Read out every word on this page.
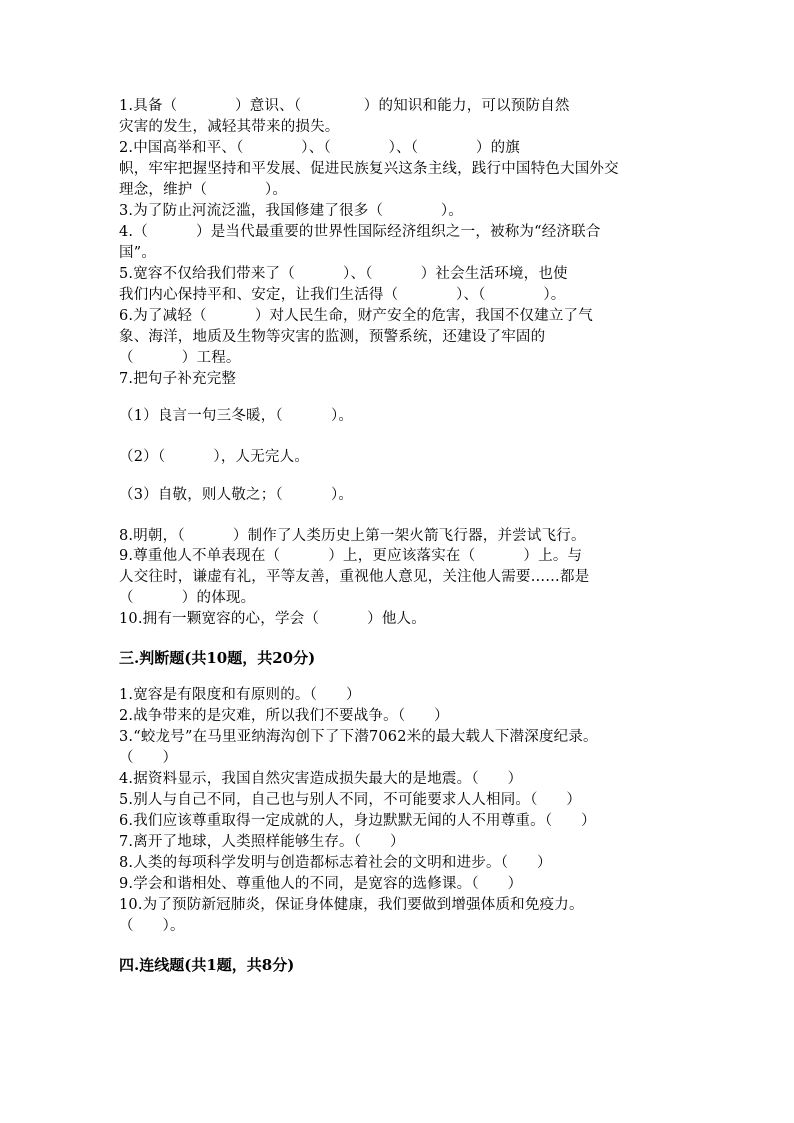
1.具备（            ）意识、（             ）的知识和能力，可以预防自然
灾害的发生，减轻其带来的损失。
2.中国高举和平、（            ）、（            ）、（            ）的旗
帜，牢牢把握坚持和平发展、促进民族复兴这条主线，践行中国特色大国外交
理念，维护（            ）。
3.为了防止河流泛滥，我国修建了很多（            ）。
4.（          ）是当代最重要的世界性国际经济组织之一，被称为“经济联合
国”。
5.宽容不仅给我们带来了（          ）、（          ）社会生活环境，也使
我们内心保持平和、安定，让我们生活得（            ）、（            ）。
6.为了减轻（          ）对人民生命，财产安全的危害，我国不仅建立了气
象、海洋，地质及生物等灾害的监测，预警系统，还建设了牢固的
（          ）工程。
7.把句子补充完整
（1）良言一句三冬暖，（          ）。
（2）（          ），人无完人。
（3）自敬，则人敬之；（          ）。
8.明朝，（          ）制作了人类历史上第一架火箭飞行器，并尝试飞行。
9.尊重他人不单表现在（          ）上，更应该落实在（          ）上。与
人交往时，谦虚有礼，平等友善，重视他人意见，关注他人需要……都是
（          ）的体现。
10.拥有一颗宽容的心，学会（          ）他人。
三.判断题(共10题，共20分)
1.宽容是有限度和有原则的。（      ）
2.战争带来的是灾难，所以我们不要战争。（      ）
3.“蛟龙号”在马里亚纳海沟创下了下潜7062米的最大载人下潜深度纪录。
（      ）
4.据资料显示，我国自然灾害造成损失最大的是地震。（      ）
5.别人与自己不同，自己也与别人不同，不可能要求人人相同。（      ）
6.我们应该尊重取得一定成就的人，身边默默无闻的人不用尊重。（      ）
7.离开了地球，人类照样能够生存。（      ）
8.人类的每项科学发明与创造都标志着社会的文明和进步。（      ）
9.学会和谐相处、尊重他人的不同，是宽容的选修课。（      ）
10.为了预防新冠肺炎，保证身体健康，我们要做到增强体质和免疫力。
（      ）。
四.连线题(共1题，共8分)
